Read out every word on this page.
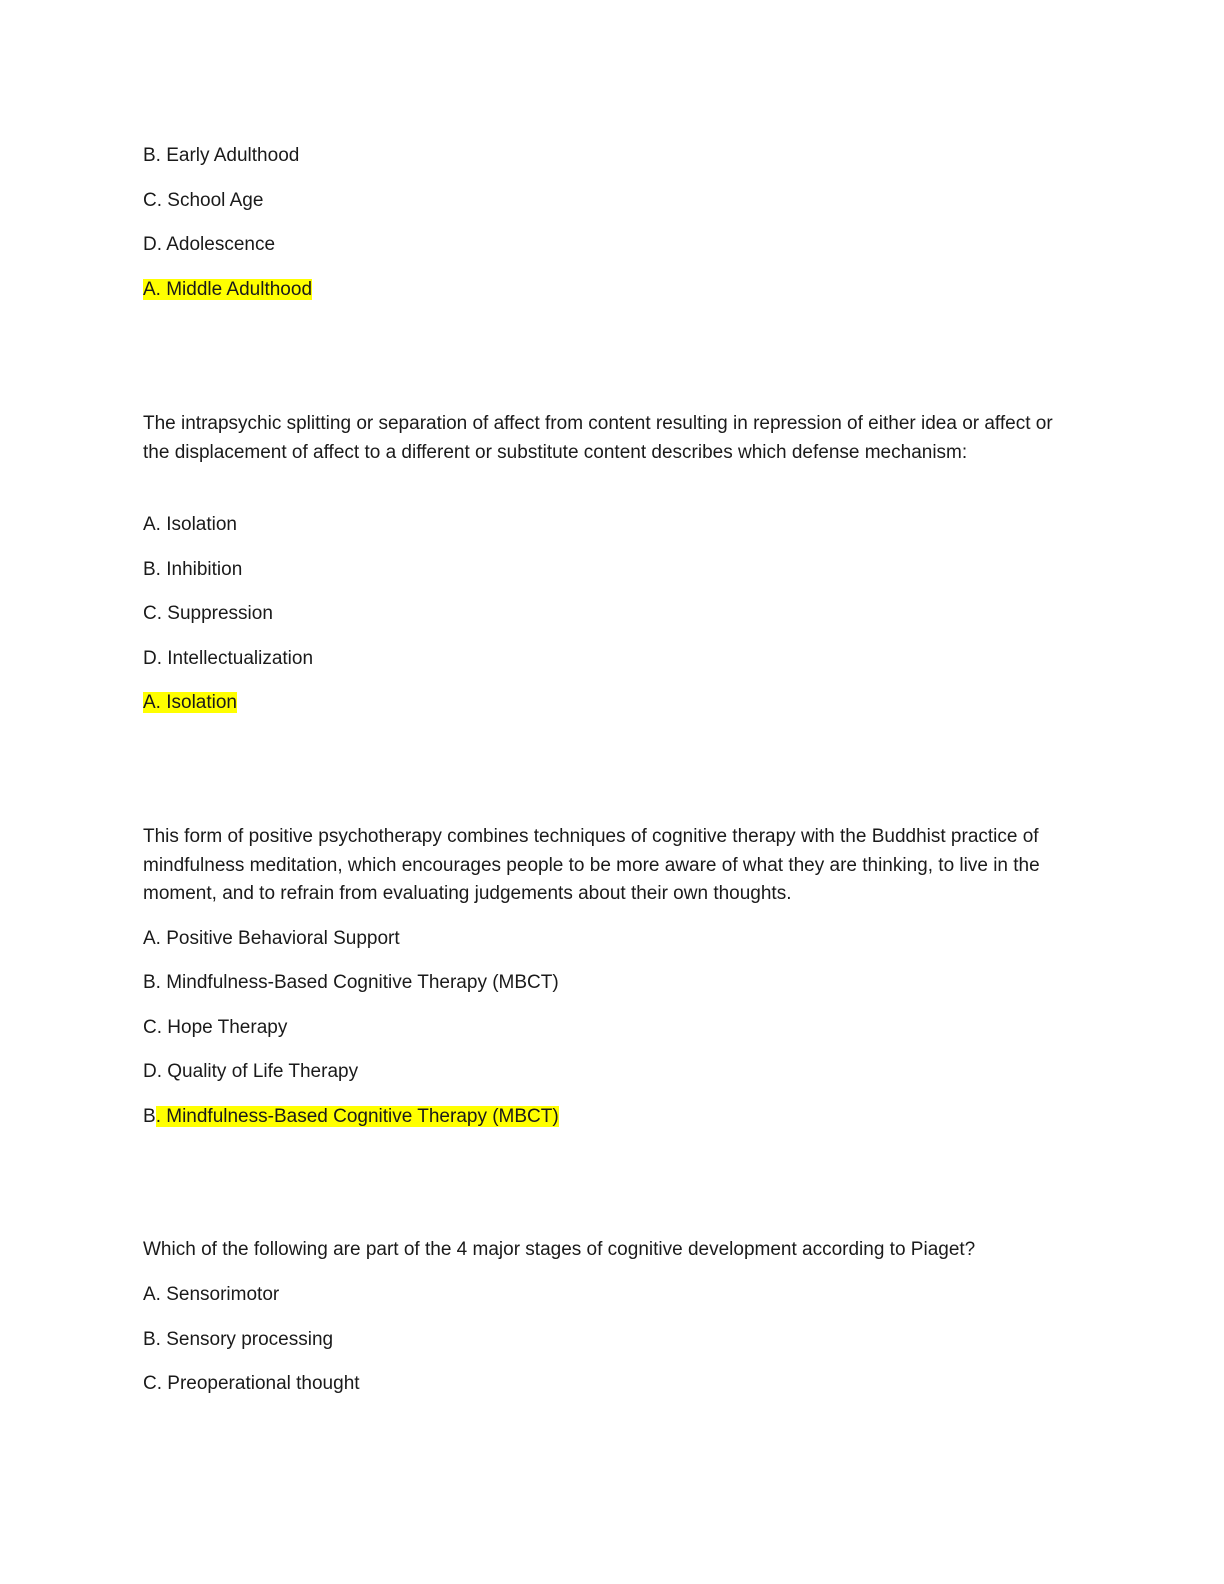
B. Early Adulthood
C. School Age
D. Adolescence
A. Middle Adulthood
The intrapsychic splitting or separation of affect from content resulting in repression of either idea or affect or the displacement of affect to a different or substitute content describes which defense mechanism:
A. Isolation
B. Inhibition
C. Suppression
D. Intellectualization
A. Isolation
This form of positive psychotherapy combines techniques of cognitive therapy with the Buddhist practice of mindfulness meditation, which encourages people to be more aware of what they are thinking, to live in the moment, and to refrain from evaluating judgements about their own thoughts.
A. Positive Behavioral Support
B. Mindfulness-Based Cognitive Therapy (MBCT)
C. Hope Therapy
D. Quality of Life Therapy
B. Mindfulness-Based Cognitive Therapy (MBCT)
Which of the following are part of the 4 major stages of cognitive development according to Piaget?
A. Sensorimotor
B. Sensory processing
C. Preoperational thought
